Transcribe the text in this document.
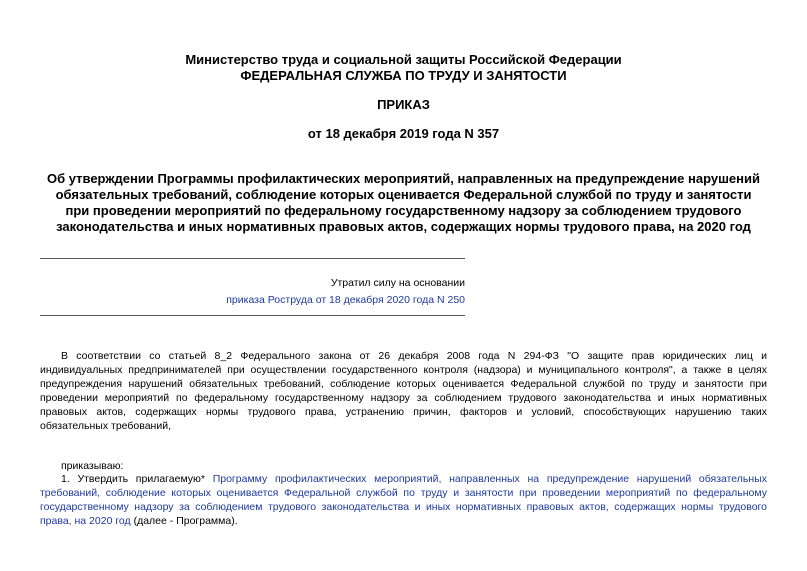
Министерство труда и социальной защиты Российской Федерации

ФЕДЕРАЛЬНАЯ СЛУЖБА ПО ТРУДУ И ЗАНЯТОСТИ

ПРИКАЗ

от 18 декабря 2019 года N 357

Об утверждении Программы профилактических мероприятий, направленных на предупреждение нарушений

обязательных требований, соблюдение которых оценивается Федеральной службой по труду и занятости

при проведении мероприятий по федеральному государственному надзору за соблюдением трудового

законодательства и иных нормативных правовых актов, содержащих нормы трудового права, на 2020 год

Утратил силу на основании
приказа Роструда от 18 декабря 2020 года N 250
В соответствии со статьей 8_2 Федерального закона от 26 декабря 2008 года N 294-ФЗ "О защите прав юридических лиц и
индивидуальных предпринимателей при осуществлении государственного контроля (надзора) и муниципального контроля", а также в целях
предупреждения нарушений обязательных требований, соблюдение которых оценивается Федеральной службой по труду и занятости при
проведении мероприятий по федеральному государственному надзору за соблюдением трудового законодательства и иных нормативных
правовых актов, содержащих нормы трудового права, устранению причин, факторов и условий, способствующих нарушению таких
обязательных требований,
приказываю:
1. Утвердить прилагаемую* Программу профилактических мероприятий, направленных на предупреждение нарушений обязательных
требований, соблюдение которых оценивается Федеральной службой по труду и занятости при проведении мероприятий по федеральному
государственному надзору за соблюдением трудового законодательства и иных нормативных правовых актов, содержащих нормы трудового
права, на 2020 год (далее - Программа).
